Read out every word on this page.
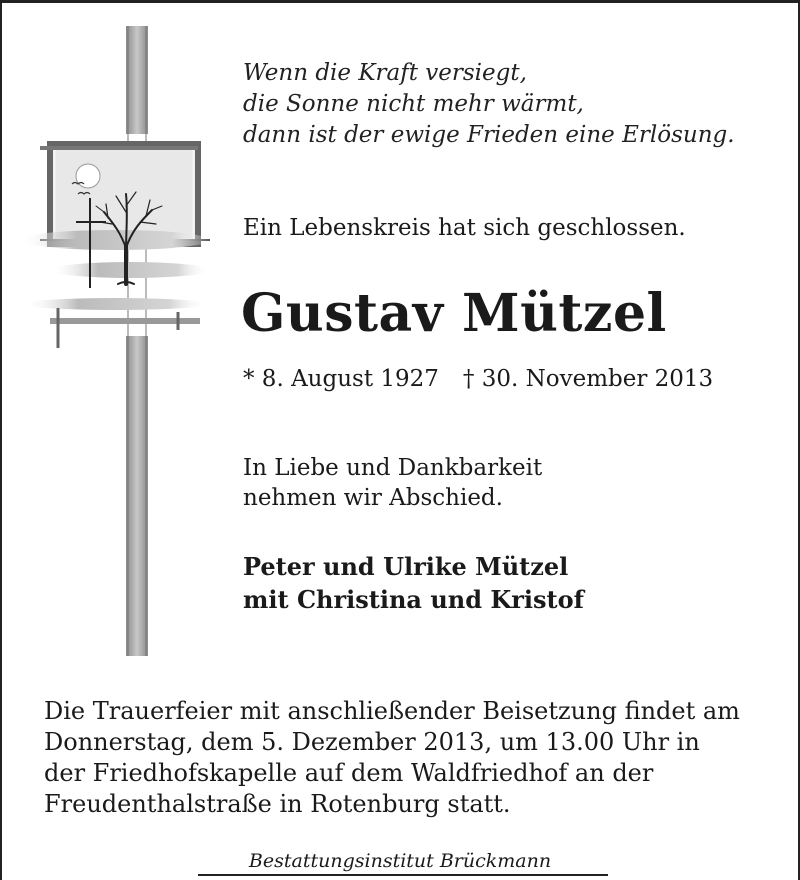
Wenn die Kraft versiegt,
die Sonne nicht mehr wärmt,
dann ist der ewige Frieden eine Erlösung.
Ein Lebenskreis hat sich geschlossen.
Gustav Mützel
* 8. August 1927 † 30. November 2013
In Liebe und Dankbarkeit
nehmen wir Abschied.
Peter und Ulrike Mützel
mit Christina und Kristof
Die Trauerfeier mit anschließender Beisetzung findet am
Donnerstag, dem 5. Dezember 2013, um 13.00 Uhr in
der Friedhofskapelle auf dem Waldfriedhof an der
Freudenthalstraße in Rotenburg statt.
Bestattungsinstitut Brückmann
